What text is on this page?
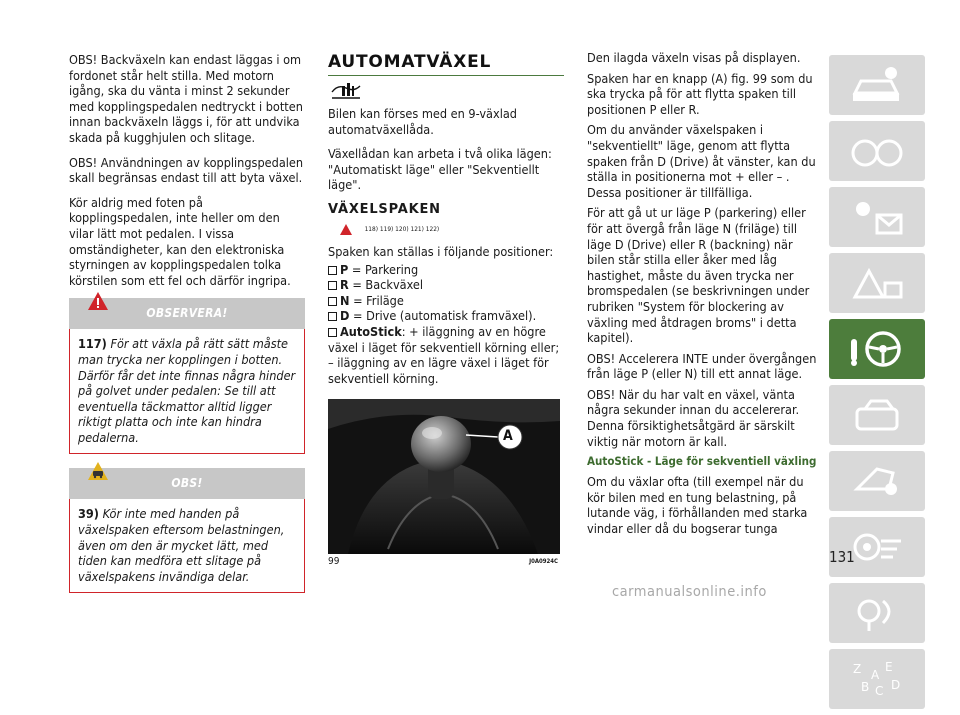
OBS! Backväxeln kan endast läggas i om fordonet står helt stilla. Med motorn igång, ska du vänta i minst 2 sekunder med kopplingspedalen nedtryckt i botten innan backväxeln läggs i, för att undvika skada på kugghjulen och slitage.

OBS! Användningen av kopplingspedalen skall begränsas endast till att byta växel.

Kör aldrig med foten på kopplingspedalen, inte heller om den vilar lätt mot pedalen. I vissa omständigheter, kan den elektroniska styrningen av kopplingspedalen tolka körstilen som ett fel och därför ingripa.

OBSERVERA!

117) För att växla på rätt sätt måste man trycka ner kopplingen i botten. Därför får det inte finnas några hinder på golvet under pedalen: Se till att eventuella täckmattor alltid ligger riktigt platta och inte kan hindra pedalerna.

OBS!

39) Kör inte med handen på växelspaken eftersom belastningen, även om den är mycket lätt, med tiden kan medföra ett slitage på växelspakens invändiga delar.

AUTOMATVÄXEL

Bilen kan förses med en 9-växlad automatväxellåda.

Växellådan kan arbeta i två olika lägen: "Automatiskt läge" eller "Sekventiellt läge".

VÄXELSPAKEN
118) 119) 120) 121) 122)

Spaken kan ställas i följande positioner:

P = Parkering
R = Backväxel
N = Friläge
D = Drive (automatisk framväxel).
AutoStick: + iläggning av en högre

växel i läget för sekventiell körning eller; – iläggning av en lägre växel i läget för sekventiell körning.

A
99	J0A0924C

Den ilagda växeln visas på displayen.

Spaken har en knapp (A) fig. 99 som du ska trycka på för att flytta spaken till positionen P eller R.

Om du använder växelspaken i "sekventiellt" läge, genom att flytta spaken från D (Drive) åt vänster, kan du ställa in positionerna mot + eller – . Dessa positioner är tillfälliga.

För att gå ut ur läge P (parkering) eller för att övergå från läge N (friläge) till läge D (Drive) eller R (backning) när bilen står stilla eller åker med låg hastighet, måste du även trycka ner bromspedalen (se beskrivningen under rubriken "System för blockering av växling med åtdragen broms" i detta kapitel).

OBS! Accelerera INTE under övergången från läge P (eller N) till ett annat läge.

OBS! När du har valt en växel, vänta några sekunder innan du accelererar. Denna försiktighetsåtgärd är särskilt viktig när motorn är kall.

AutoStick - Läge för sekventiell växling

Om du växlar ofta (till exempel när du kör bilen med en tung belastning, på lutande väg, i förhållanden med starka vindar eller då du bogserar tunga

Z E
B C D
A
131
carmanualsonline.info
